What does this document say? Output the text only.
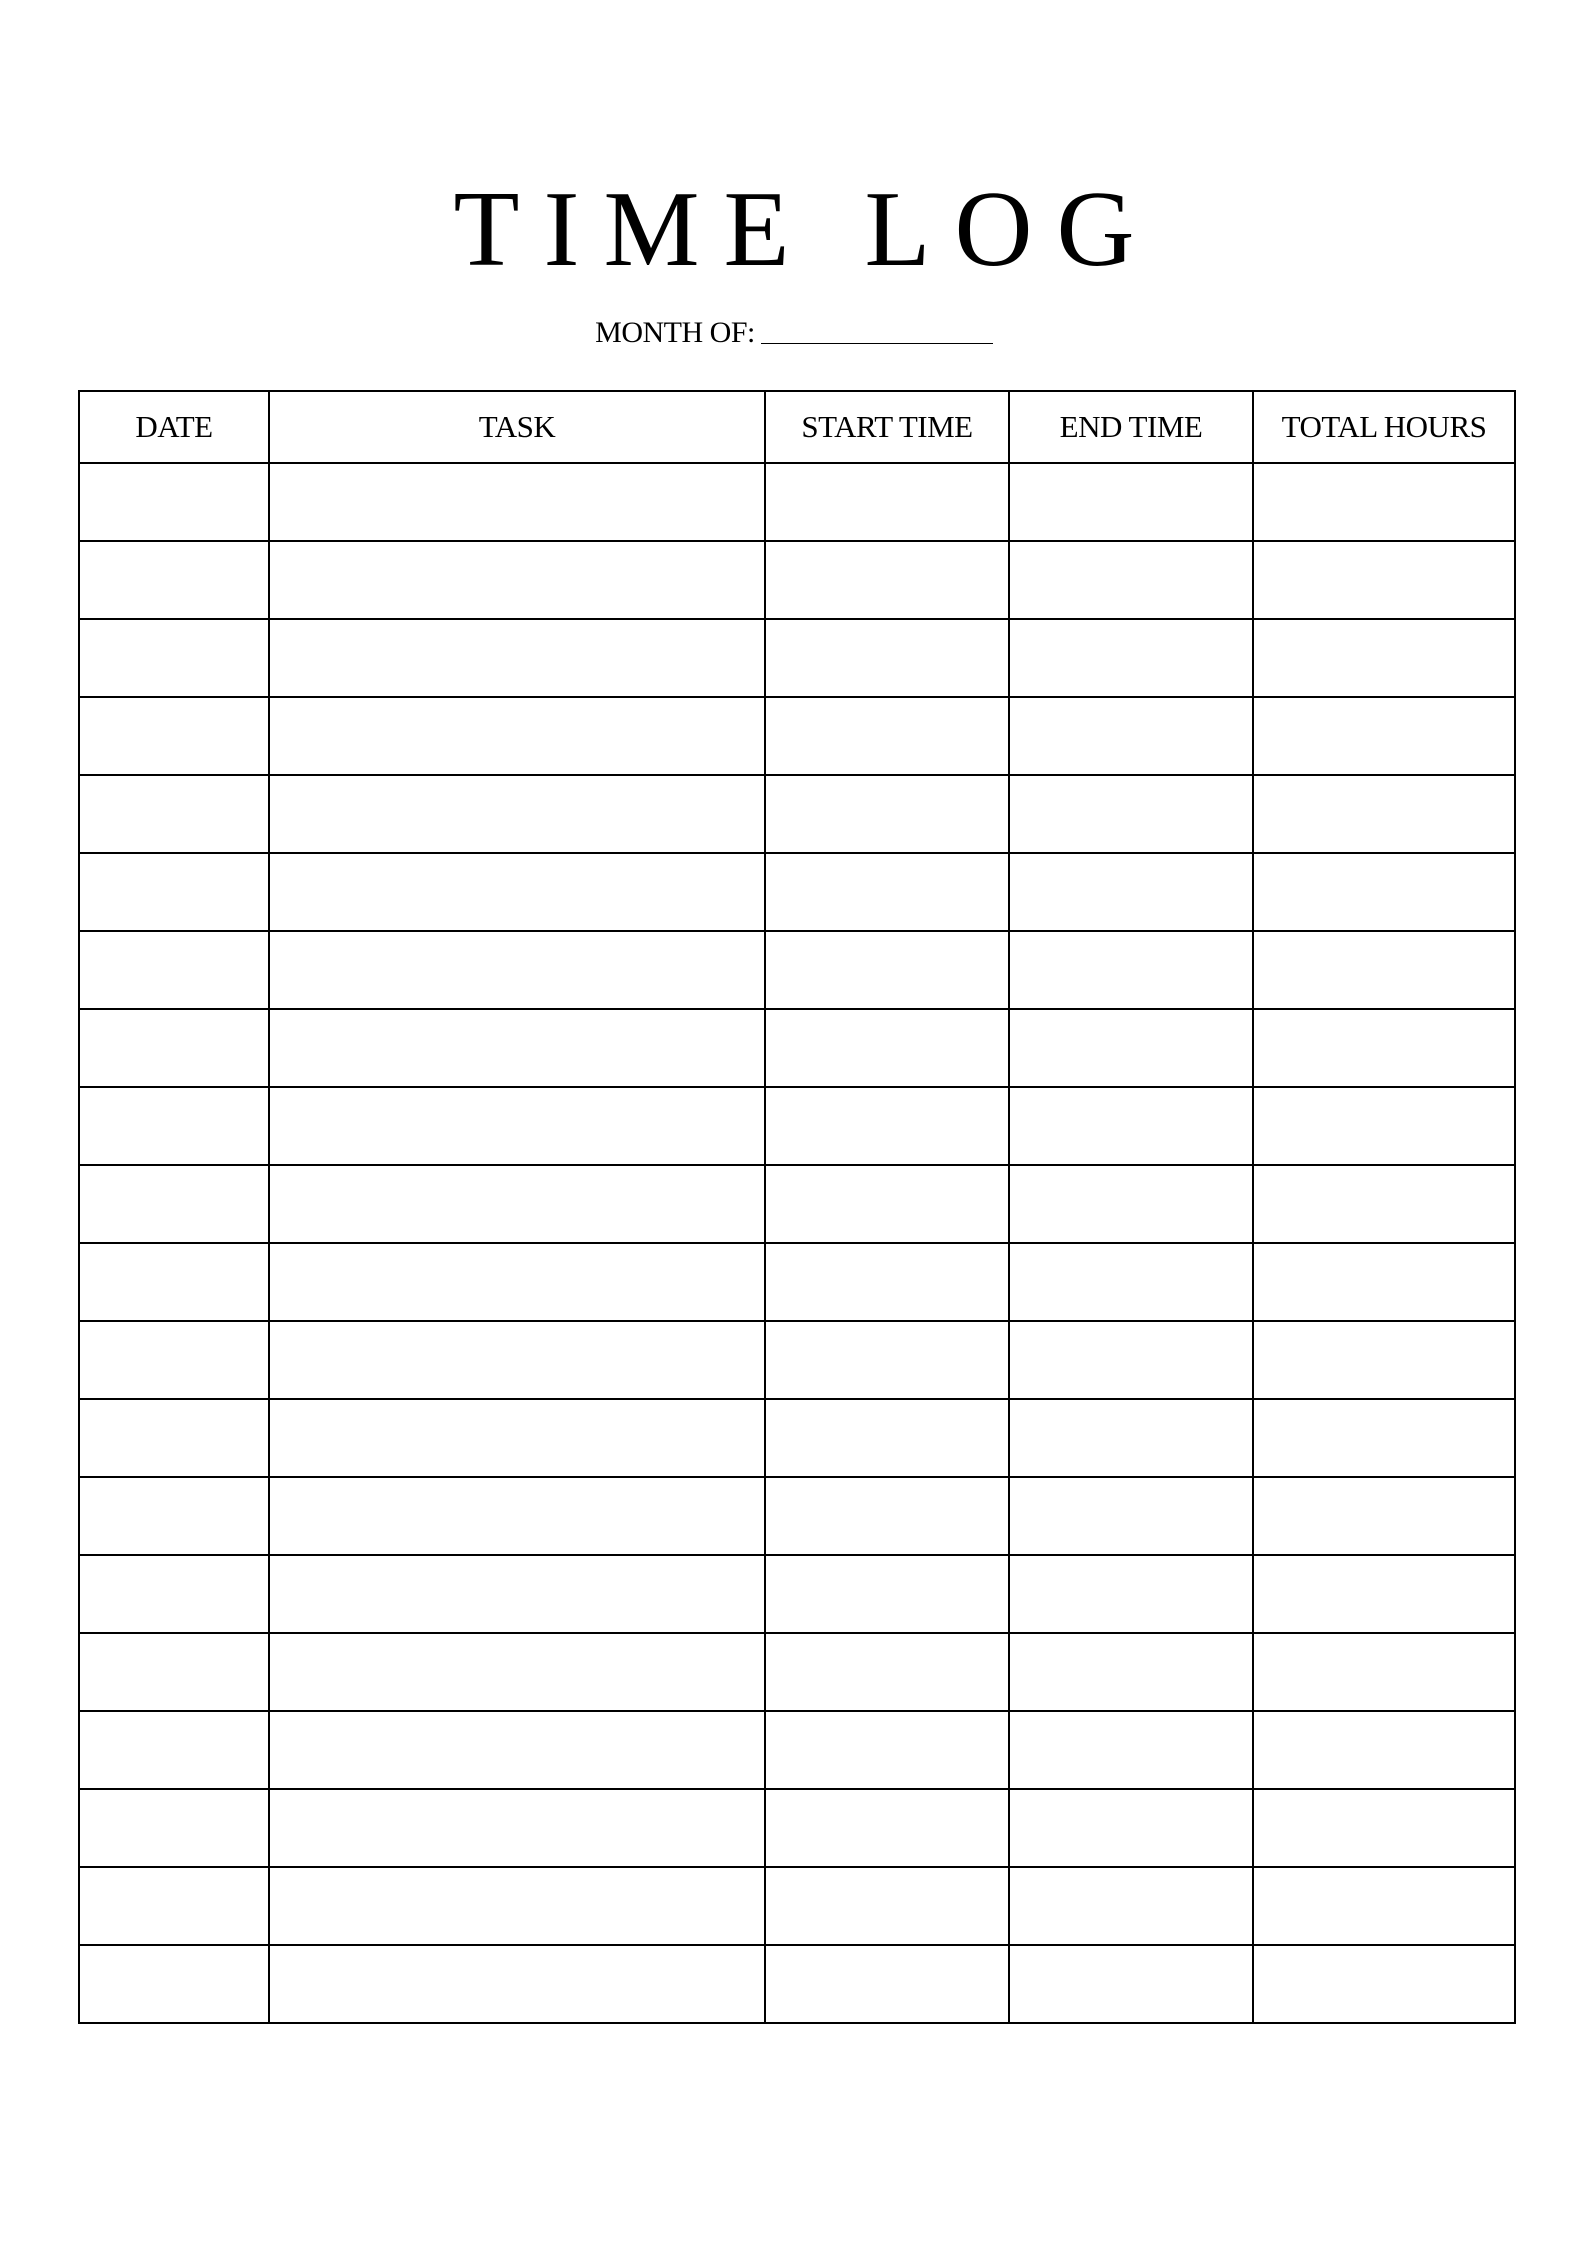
TIME LOG
MONTH OF:
DATE	TASK	START TIME	END TIME	TOTAL HOURS
